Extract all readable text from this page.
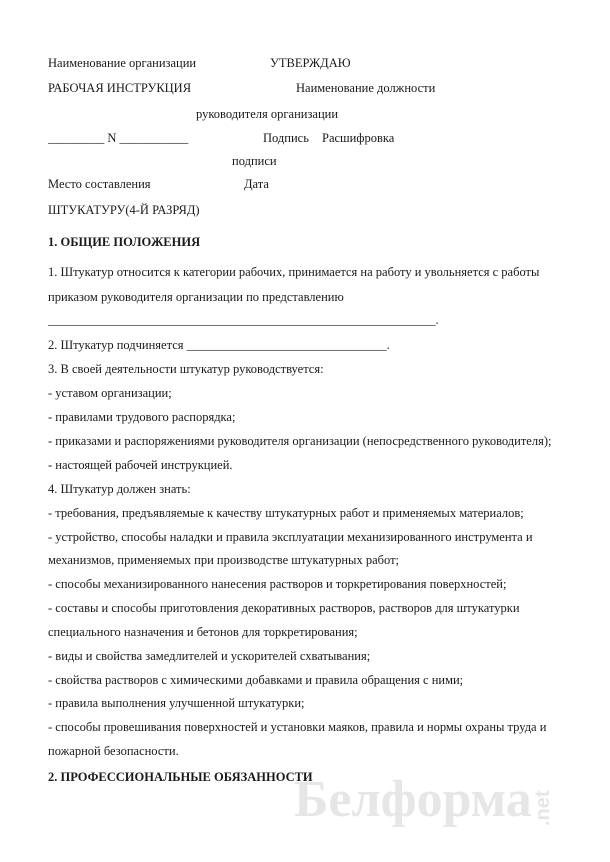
Наименование организации	УТВЕРЖДАЮ
РАБОЧАЯ ИНСТРУКЦИЯ	Наименование должности
руководителя организации
_________ N ___________	Подпись Расшифровка
подписи
Место составления	Дата
ШТУКАТУРУ(4-Й РАЗРЯД)
1. ОБЩИЕ ПОЛОЖЕНИЯ
1. Штукатур относится к категории рабочих, принимается на работу и увольняется с работы
приказом руководителя организации по представлению
______________________________________________________________.
2. Штукатур подчиняется ________________________________.
3. В своей деятельности штукатур руководствуется:
- уставом организации;
- правилами трудового распорядка;
- приказами и распоряжениями руководителя организации (непосредственного руководителя);
- настоящей рабочей инструкцией.
4. Штукатур должен знать:
- требования, предъявляемые к качеству штукатурных работ и применяемых материалов;
- устройство, способы наладки и правила эксплуатации механизированного инструмента и
механизмов, применяемых при производстве штукатурных работ;
- способы механизированного нанесения растворов и торкретирования поверхностей;
- составы и способы приготовления декоративных растворов, растворов для штукатурки
специального назначения и бетонов для торкретирования;
- виды и свойства замедлителей и ускорителей схватывания;
- свойства растворов с химическими добавками и правила обращения с ними;
- правила выполнения улучшенной штукатурки;
- способы провешивания поверхностей и установки маяков, правила и нормы охраны труда и
пожарной безопасности.
2. ПРОФЕССИОНАЛЬНЫЕ ОБЯЗАННОСТИ
Белформа .net
